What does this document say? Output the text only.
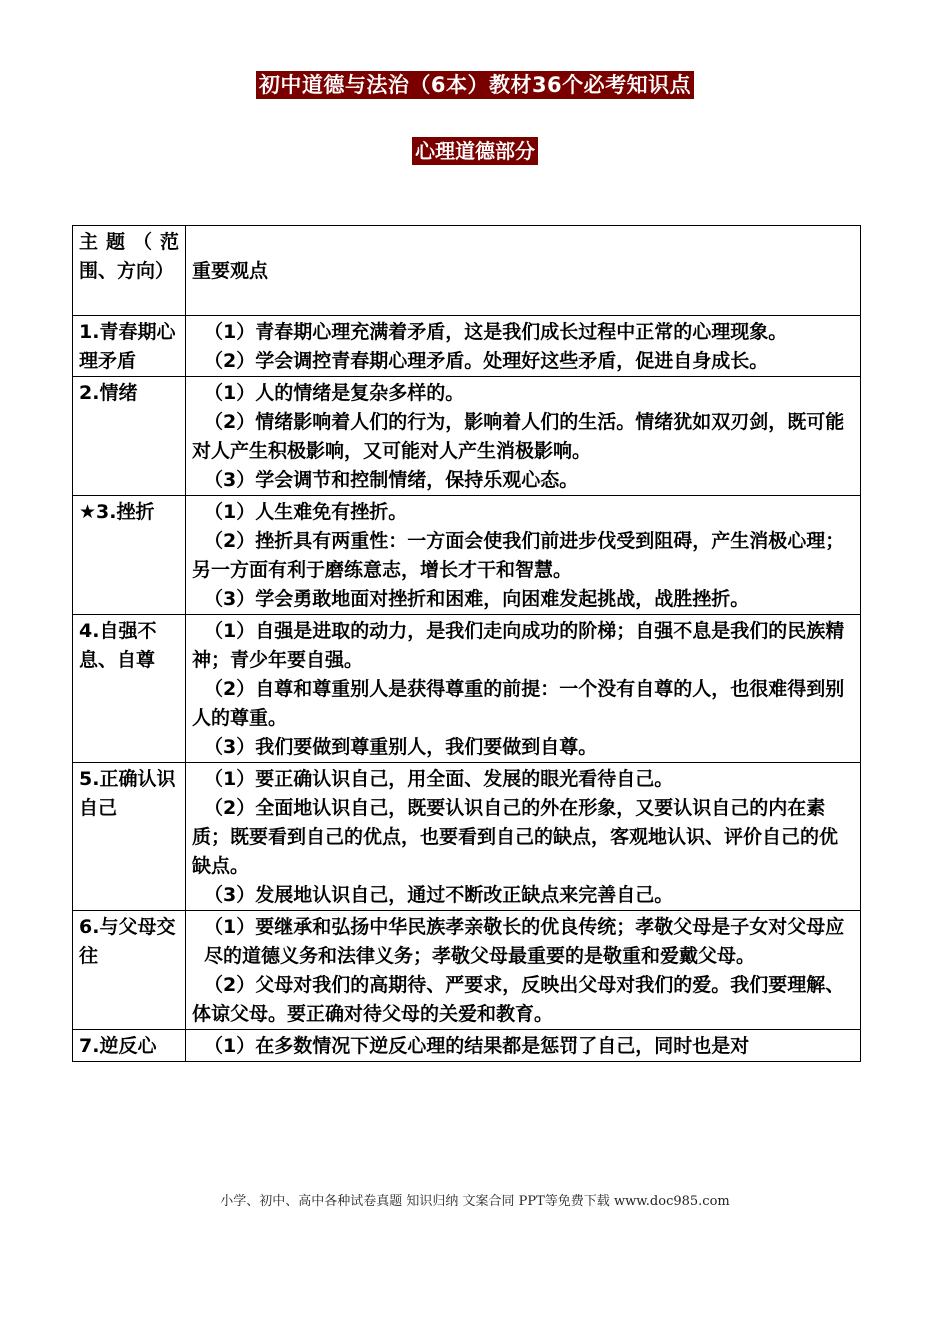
初中道德与法治（6本）教材36个必考知识点
心理道德部分
主题（范围、方向）	重要观点

1.青春期心理矛盾	（1）青春期心理充满着矛盾，这是我们成长过程中正常的心理现象。
（2）学会调控青春期心理矛盾。处理好这些矛盾，促进自身成长。

2.情绪	（1）人的情绪是复杂多样的。
（2）情绪影响着人们的行为，影响着人们的生活。情绪犹如双刃剑，既可能对人产生积极影响，又可能对人产生消极影响。
（3）学会调节和控制情绪，保持乐观心态。

★3.挫折	（1）人生难免有挫折。
（2）挫折具有两重性：一方面会使我们前进步伐受到阻碍，产生消极心理；另一方面有利于磨练意志，增长才干和智慧。
（3）学会勇敢地面对挫折和困难，向困难发起挑战，战胜挫折。

4.自强不息、自尊	（1）自强是进取的动力，是我们走向成功的阶梯；自强不息是我们的民族精神；青少年要自强。
（2）自尊和尊重别人是获得尊重的前提：一个没有自尊的人，也很难得到别人的尊重。
（3）我们要做到尊重别人，我们要做到自尊。

5.正确认识自己	（1）要正确认识自己，用全面、发展的眼光看待自己。
（2）全面地认识自己，既要认识自己的外在形象，又要认识自己的内在素质；既要看到自己的优点，也要看到自己的缺点，客观地认识、评价自己的优缺点。
（3）发展地认识自己，通过不断改正缺点来完善自己。

6.与父母交往	（1）要继承和弘扬中华民族孝亲敬长的优良传统；孝敬父母是子女对父母应
尽的道德义务和法律义务；孝敬父母最重要的是敬重和爱戴父母。
（2）父母对我们的高期待、严要求，反映出父母对我们的爱。我们要理解、体谅父母。要正确对待父母的关爱和教育。

7.逆反心	（1）在多数情况下逆反心理的结果都是惩罚了自己，同时也是对
小学、初中、高中各种试卷真题 知识归纳 文案合同 PPT等免费下载 www.doc985.com
